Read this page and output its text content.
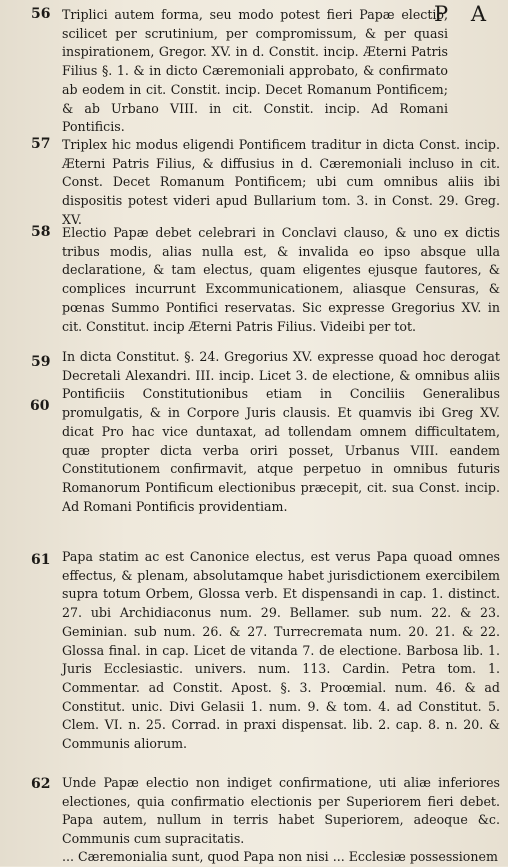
P A
56 Triplici autem forma, seu modo potest fieri Papæ electio, scilicet per scrutinium, per compromissum, & per quasi inspirationem, Gregor. XV. in d. Constit. incip. Æterni Patris Filius §. 1. & in dicto Cæremoniali approbato, & confirmato ab eodem in cit. Constit. incip. Decet Romanum Pontificem; & ab Urbano VIII. in cit. Constit. incip. Ad Romani Pontificis.
57 Triplex hic modus eligendi Pontificem traditur in dicta Const. incip. Æterni Patris Filius, & diffusius in d. Cæremoniali incluso in cit. Const. Decet Romanum Pontificem; ubi cum omnibus aliis ibi dispositis potest videri apud Bullarium tom. 3. in Const. 29. Greg. XV.
58 Electio Papæ debet celebrari in Conclavi clauso, & uno ex dictis tribus modis, alias nulla est, & invalida eo ipso absque ulla declaratione, & tam electus, quam eligentes ejusque fautores, & complices incurrunt Excommunicationem, aliasque Censuras, & pœnas Summo Pontifici reservatas. Sic expresse Gregorius XV. in cit. Constitut. incip Æterni Patris Filius. Videibi per tot.
59 In dicta Constitut. §. 24. Gregorius XV. expresse quoad hoc derogat Decretali Alexandri. III. incip. Licet 3. de electione, & omnibus aliis Pontificiis Constitutionibus etiam in Conciliis Generalibus promulgatis, & in Corpore Juris clausis. Et quamvis ibi Greg XV. dicat Pro hac vice duntaxat, ad tollendam omnem difficultatem, quæ propter dicta verba oriri posset, Urbanus VIII. eandem Constitutionem confirmavit, atque perpetuo in omnibus futuris Romanorum Pontificum electionibus præcepit, cit. sua Const. incip. Ad Romani Pontificis providentiam.
60
61 Papa statim ac est Canonice electus, est verus Papa quoad omnes effectus, & plenam, absolutamque habet jurisdictionem exercibilem supra totum Orbem, Glossa verb. Et dispensandi in cap. 1. distinct. 27. ubi Archidiaconus num. 29. Bellamer. sub num. 22. & 23. Geminian. sub num. 26. & 27. Turrecremata num. 20. 21. & 22. Glossa final. in cap. Licet de vitanda 7. de electione. Barbosa lib. 1. Juris Ecclesiastic. univers. num. 113. Cardin. Petra tom. 1. Commentar. ad Constit. Apost. §. 3. Proœmial. num. 46. & ad Constitut. unic. Divi Gelasii 1. num. 9. & tom. 4. ad Constitut. 5. Clem. VI. n. 25. Corrad. in praxi dispensat. lib. 2. cap. 8. n. 20. & Communis aliorum.
62 Unde Papæ electio non indiget confirmatione, uti aliæ inferiores electiones, quia confirmatio electionis per Superiorem fieri debet. Papa autem, nullum in terris habet Superiorem, adeoque &c. Communis cum supracitatis.
... Cæremonialia sunt, quod Papa non nisi ... Ecclesiæ possessionem
